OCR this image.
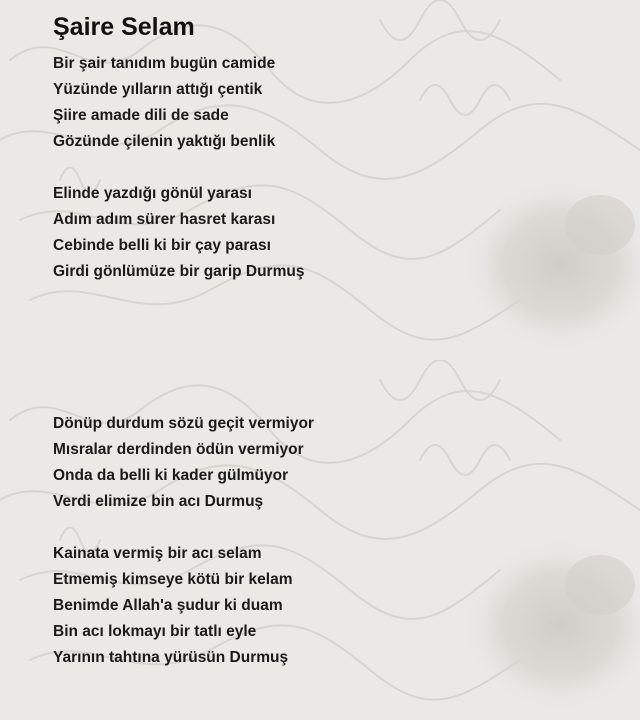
Şaire Selam
Bir şair tanıdım bugün camide
Yüzünde yılların attığı çentik
Şiire amade dili de sade
Gözünde çilenin yaktığı benlik
Elinde yazdığı gönül yarası
Adım adım sürer hasret karası
Cebinde belli ki bir çay parası
Girdi gönlümüze bir garip Durmuş
Dönüp durdum sözü geçit vermiyor
Mısralar derdinden ödün vermiyor
Onda da belli ki kader gülmüyor
Verdi elimize bin acı Durmuş
Kainata vermiş bir acı selam
Etmemiş kimseye kötü bir kelam
Benimde Allah'a şudur ki duam
Bin acı lokmayı bir tatlı eyle
Yarının tahtına yürüsün Durmuş
